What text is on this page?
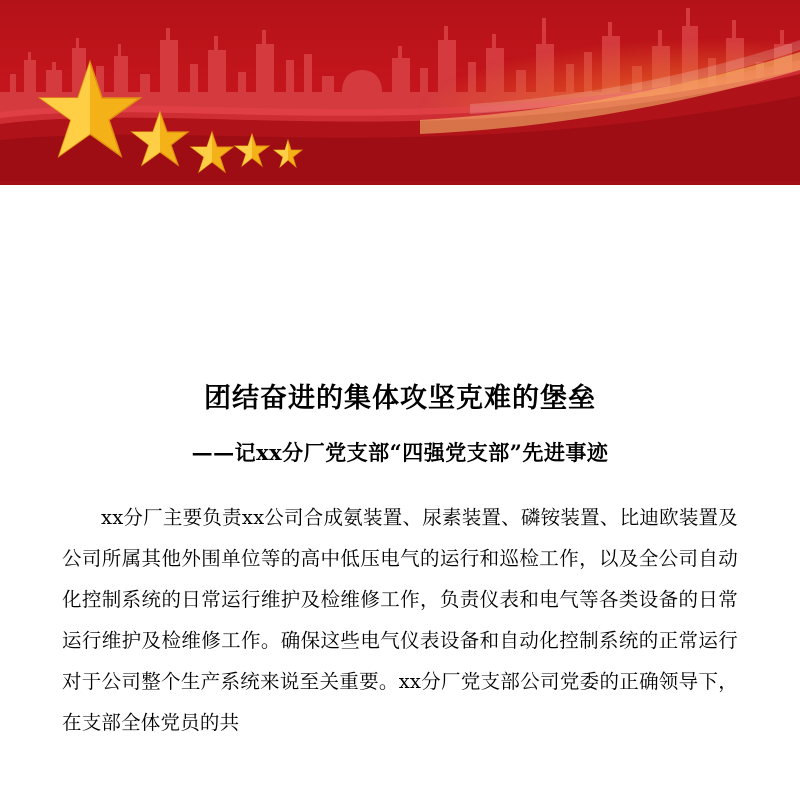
团结奋进的集体攻坚克难的堡垒
——记xx分厂党支部“四强党支部”先进事迹

xx分厂主要负责xx公司合成氨装置、尿素装置、磷铵装置、比迪欧装置及公司所属其他外围单位等的高中低压电气的运行和巡检工作，以及全公司自动化控制系统的日常运行维护及检维修工作，负责仪表和电气等各类设备的日常运行维护及检维修工作。确保这些电气仪表设备和自动化控制系统的正常运行对于公司整个生产系统来说至关重要。xx分厂党支部公司党委的正确领导下，在支部全体党员的共
